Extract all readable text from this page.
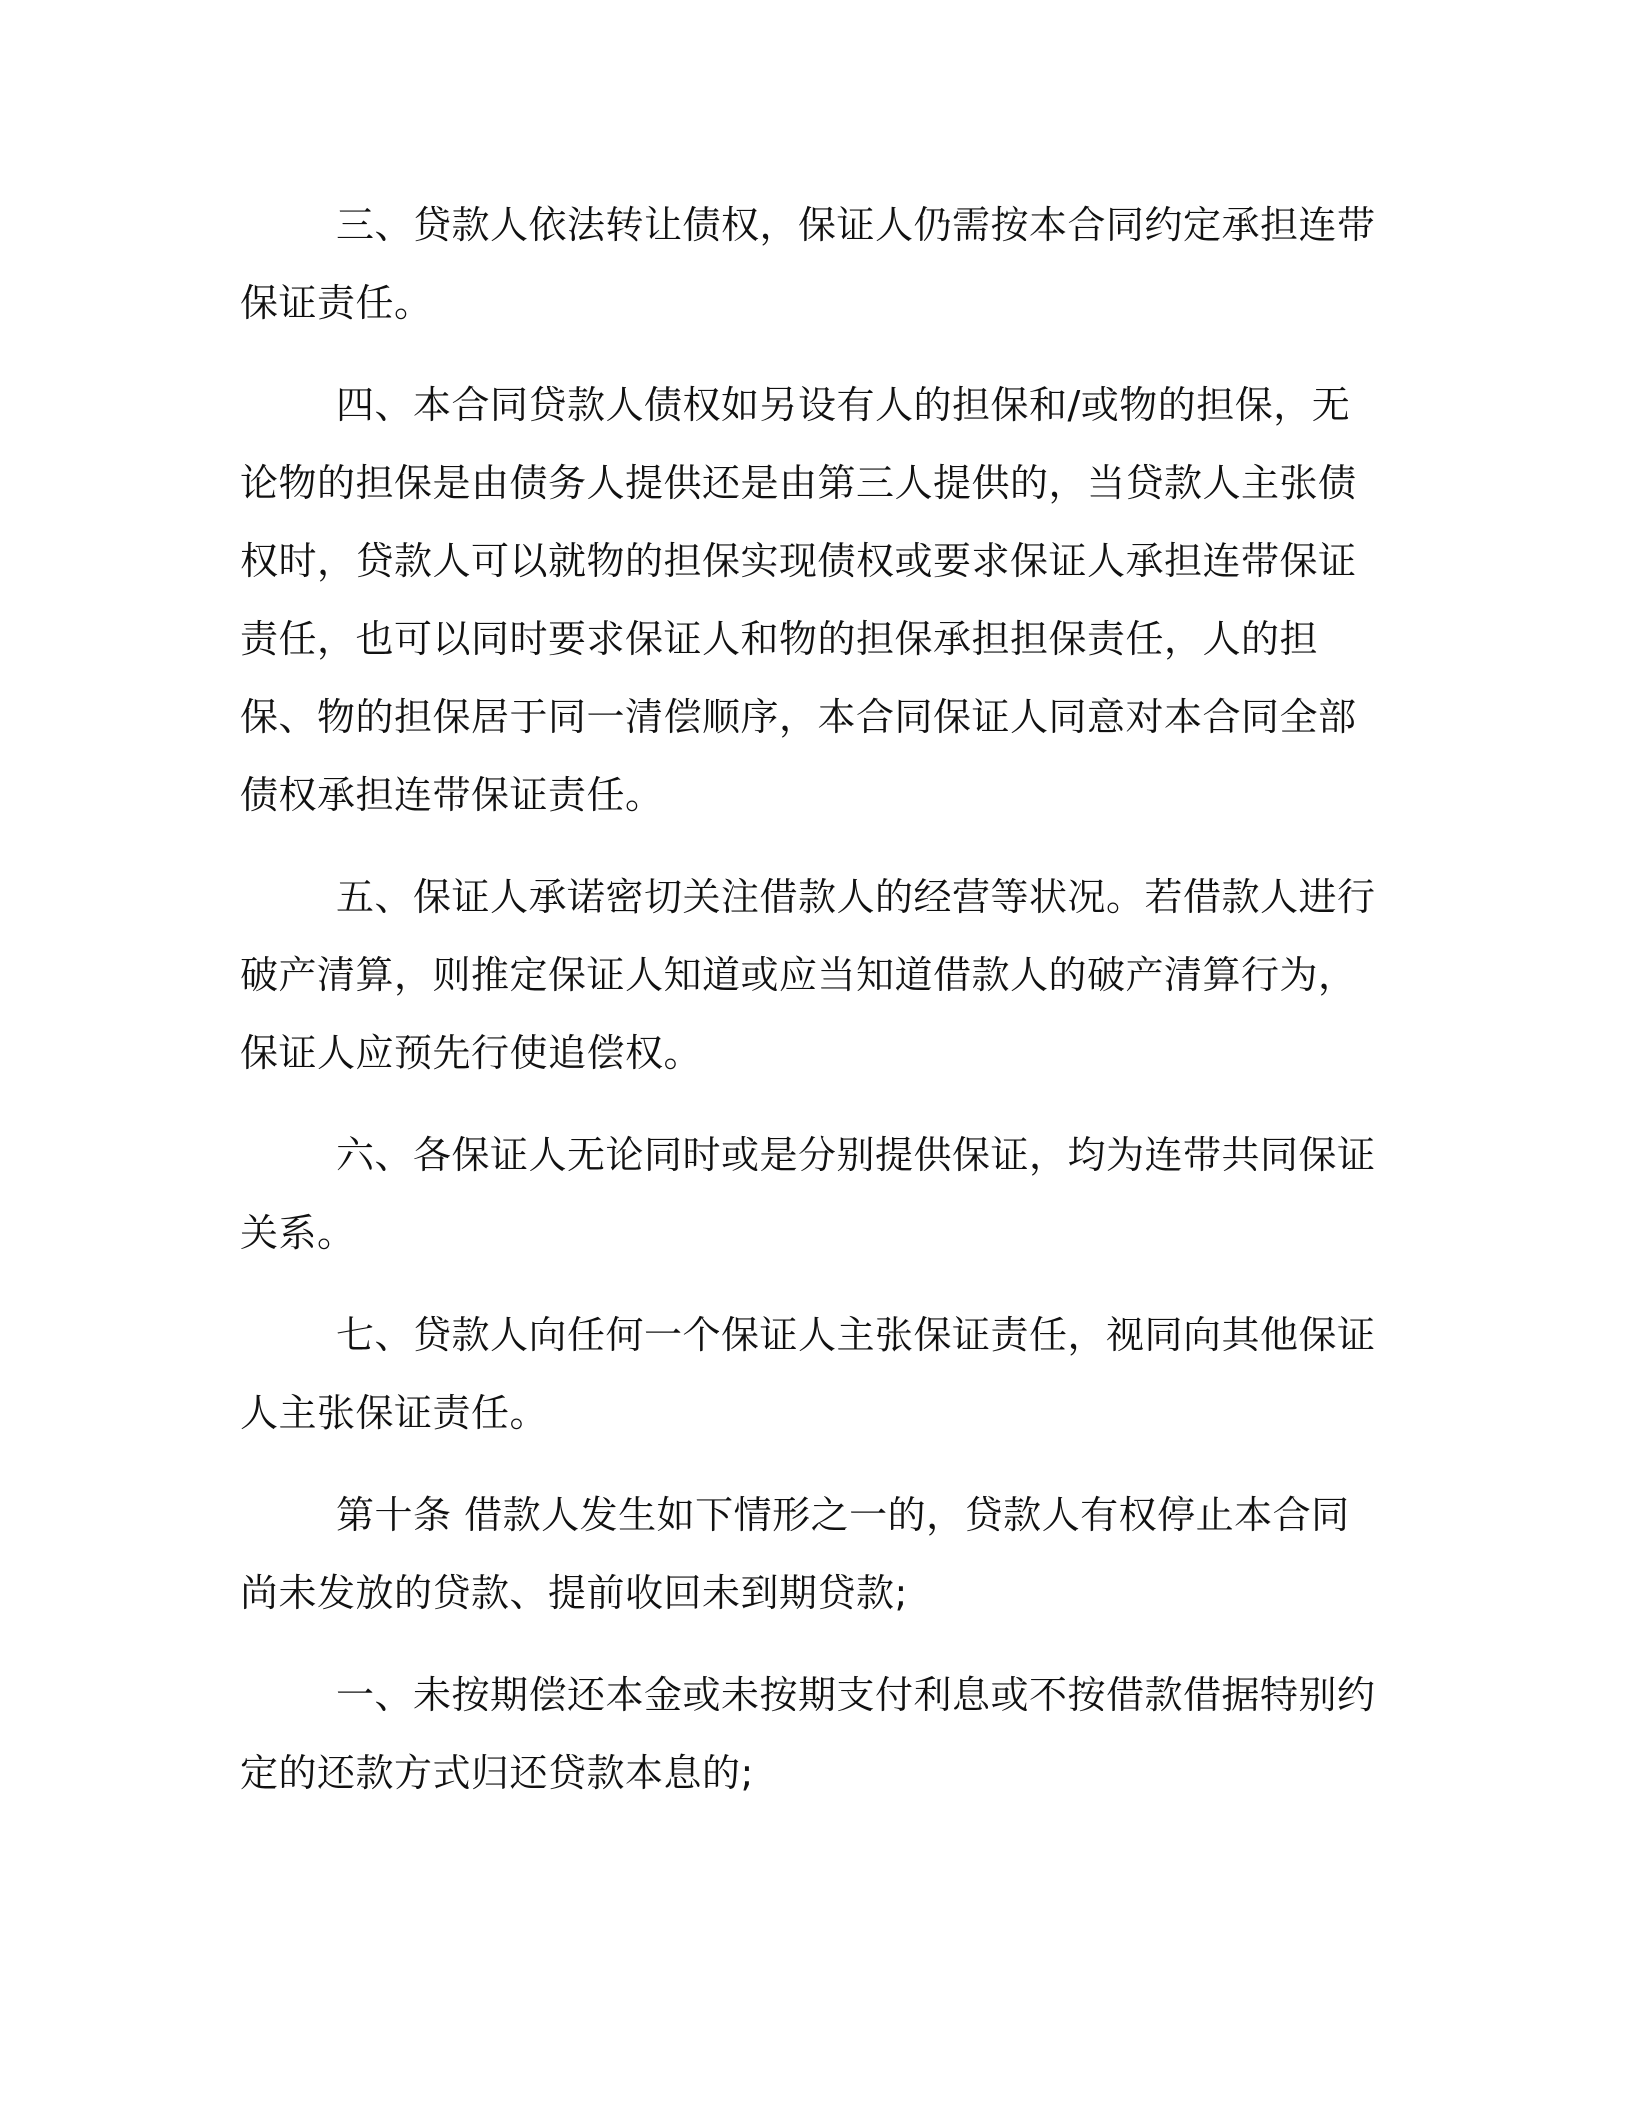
三、贷款人依法转让债权，保证人仍需按本合同约定承担连带保证责任。

四、本合同贷款人债权如另设有人的担保和/或物的担保，无论物的担保是由债务人提供还是由第三人提供的，当贷款人主张债权时，贷款人可以就物的担保实现债权或要求保证人承担连带保证责任，也可以同时要求保证人和物的担保承担担保责任，人的担保、物的担保居于同一清偿顺序，本合同保证人同意对本合同全部债权承担连带保证责任。

五、保证人承诺密切关注借款人的经营等状况。若借款人进行破产清算，则推定保证人知道或应当知道借款人的破产清算行为，保证人应预先行使追偿权。

六、各保证人无论同时或是分别提供保证，均为连带共同保证关系。

七、贷款人向任何一个保证人主张保证责任，视同向其他保证人主张保证责任。

第十条 借款人发生如下情形之一的，贷款人有权停止本合同尚未发放的贷款、提前收回未到期贷款;

一、未按期偿还本金或未按期支付利息或不按借款借据特别约定的还款方式归还贷款本息的;
